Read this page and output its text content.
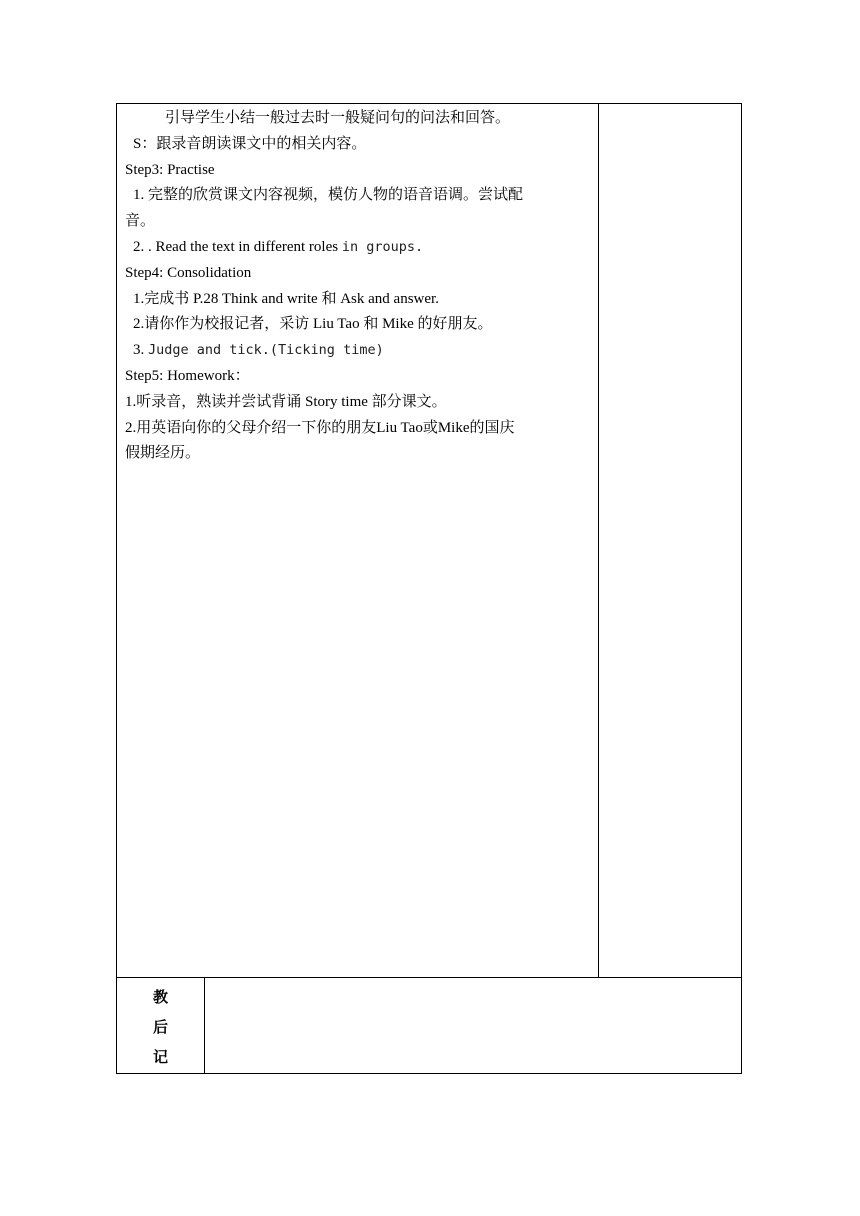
引导学生小结一般过去时一般疑问句的问法和回答。
S：跟录音朗读课文中的相关内容。
Step3: Practise
1. 完整的欣赏课文内容视频，模仿人物的语音语调。尝试配
音。
2. . Read the text in different roles in groups.
Step4: Consolidation
1.完成书 P.28 Think and write 和 Ask and answer.
2.请你作为校报记者，采访 Liu Tao 和 Mike 的好朋友。
3. Judge and tick.(Ticking time)
Step5: Homework：
1.听录音，熟读并尝试背诵 Story time 部分课文。
2.用英语向你的父母介绍一下你的朋友Liu Tao或Mike的国庆
假期经历。
教
后
记
